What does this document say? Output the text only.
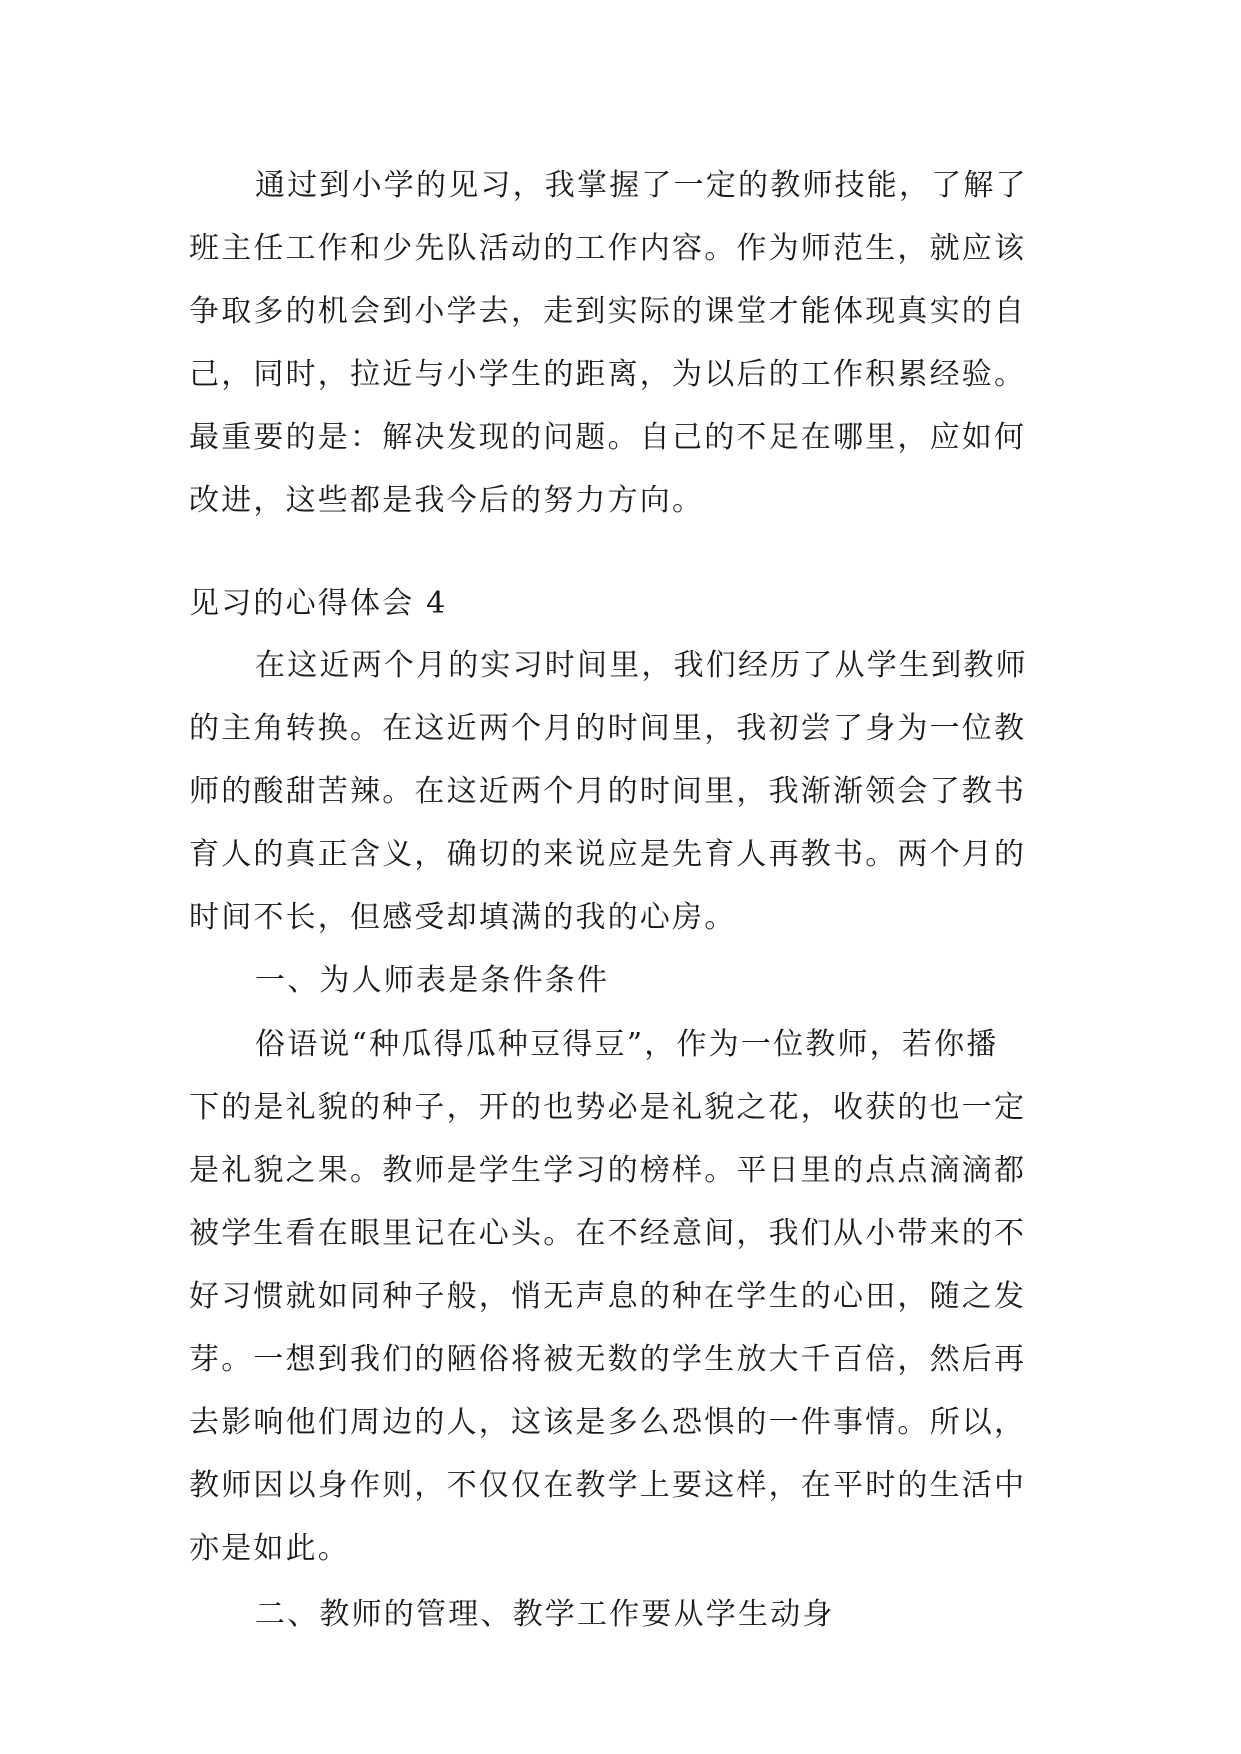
通过到小学的见习，我掌握了一定的教师技能，了解了
班主任工作和少先队活动的工作内容。作为师范生，就应该
争取多的机会到小学去，走到实际的课堂才能体现真实的自
己，同时，拉近与小学生的距离，为以后的工作积累经验。
最重要的是：解决发现的问题。自己的不足在哪里，应如何
改进，这些都是我今后的努力方向。
见习的心得体会 4
在这近两个月的实习时间里，我们经历了从学生到教师
的主角转换。在这近两个月的时间里，我初尝了身为一位教
师的酸甜苦辣。在这近两个月的时间里，我渐渐领会了教书
育人的真正含义，确切的来说应是先育人再教书。两个月的
时间不长，但感受却填满的我的心房。
一、为人师表是条件条件
俗语说“种瓜得瓜种豆得豆”，作为一位教师，若你播
下的是礼貌的种子，开的也势必是礼貌之花，收获的也一定
是礼貌之果。教师是学生学习的榜样。平日里的点点滴滴都
被学生看在眼里记在心头。在不经意间，我们从小带来的不
好习惯就如同种子般，悄无声息的种在学生的心田，随之发
芽。一想到我们的陋俗将被无数的学生放大千百倍，然后再
去影响他们周边的人，这该是多么恐惧的一件事情。所以，
教师因以身作则，不仅仅在教学上要这样，在平时的生活中
亦是如此。
二、教师的管理、教学工作要从学生动身
